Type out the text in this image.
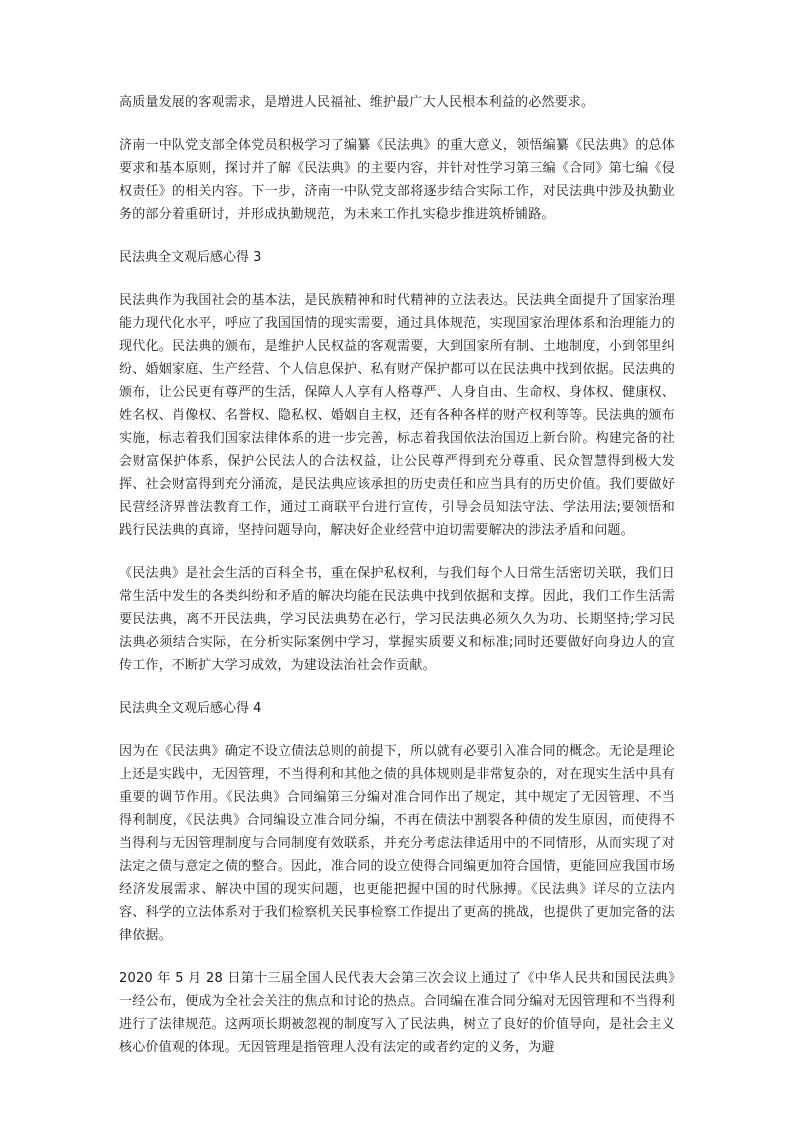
高质量发展的客观需求，是增进人民福祉、维护最广大人民根本利益的必然要求。

济南一中队党支部全体党员积极学习了编纂《民法典》的重大意义，领悟编纂《民法典》的总体要求和基本原则，探讨并了解《民法典》的主要内容，并针对性学习第三编《合同》第七编《侵权责任》的相关内容。下一步，济南一中队党支部将逐步结合实际工作，对民法典中涉及执勤业务的部分着重研讨，并形成执勤规范，为未来工作扎实稳步推进筑桥铺路。

民法典全文观后感心得 3

民法典作为我国社会的基本法，是民族精神和时代精神的立法表达。民法典全面提升了国家治理能力现代化水平，呼应了我国国情的现实需要，通过具体规范，实现国家治理体系和治理能力的现代化。民法典的颁布，是维护人民权益的客观需要，大到国家所有制、土地制度，小到邻里纠纷、婚姻家庭、生产经营、个人信息保护、私有财产保护都可以在民法典中找到依据。民法典的颁布，让公民更有尊严的生活，保障人人享有人格尊严、人身自由、生命权、身体权、健康权、姓名权、肖像权、名誉权、隐私权、婚姻自主权，还有各种各样的财产权利等等。民法典的颁布实施，标志着我们国家法律体系的进一步完善，标志着我国依法治国迈上新台阶。构建完备的社会财富保护体系，保护公民法人的合法权益，让公民尊严得到充分尊重、民众智慧得到极大发挥、社会财富得到充分涌流，是民法典应该承担的历史责任和应当具有的历史价值。我们要做好民营经济界普法教育工作，通过工商联平台进行宣传，引导会员知法守法、学法用法;要领悟和践行民法典的真谛，坚持问题导向，解决好企业经营中迫切需要解决的涉法矛盾和问题。

《民法典》是社会生活的百科全书，重在保护私权利，与我们每个人日常生活密切关联，我们日常生活中发生的各类纠纷和矛盾的解决均能在民法典中找到依据和支撑。因此，我们工作生活需要民法典，离不开民法典，学习民法典势在必行，学习民法典必须久久为功、长期坚持;学习民法典必须结合实际，在分析实际案例中学习，掌握实质要义和标准;同时还要做好向身边人的宣传工作，不断扩大学习成效，为建设法治社会作贡献。

民法典全文观后感心得 4

因为在《民法典》确定不设立债法总则的前提下，所以就有必要引入准合同的概念。无论是理论上还是实践中，无因管理，不当得利和其他之债的具体规则是非常复杂的，对在现实生活中具有重要的调节作用。《民法典》合同编第三分编对准合同作出了规定，其中规定了无因管理、不当得利制度，《民法典》合同编设立准合同分编，不再在债法中割裂各种债的发生原因，而使得不当得利与无因管理制度与合同制度有效联系，并充分考虑法律适用中的不同情形，从而实现了对法定之债与意定之债的整合。因此，准合同的设立使得合同编更加符合国情，更能回应我国市场经济发展需求、解决中国的现实问题，也更能把握中国的时代脉搏。《民法典》详尽的立法内容、科学的立法体系对于我们检察机关民事检察工作提出了更高的挑战，也提供了更加完备的法律依据。

2020 年 5 月 28 日第十三届全国人民代表大会第三次会议上通过了《中华人民共和国民法典》一经公布，便成为全社会关注的焦点和讨论的热点。合同编在准合同分编对无因管理和不当得利进行了法律规范。这两项长期被忽视的制度写入了民法典，树立了良好的价值导向，是社会主义核心价值观的体现。无因管理是指管理人没有法定的或者约定的义务，为避
